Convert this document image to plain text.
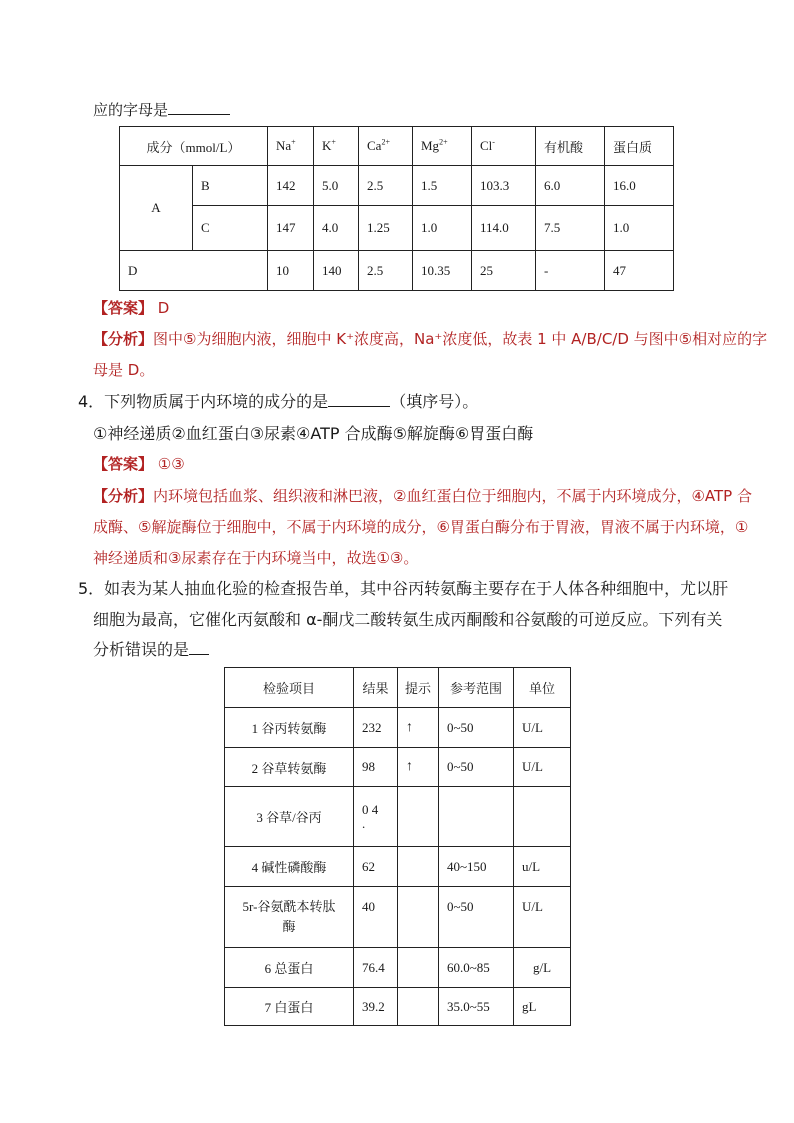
应的字母是
成分（mmol/L）		Na+	K+	$Ca^{2+}$	$Mg^{2+}$	Cl-	有机酸	蛋白质
A	B	142	5.0	2.5	1.5	103.3	6.0	16.0
	C	147	4.0	1.25	1.0	114.0	7.5	1.0
D		10	140	2.5	10.35	25	-	47
【答案】 D
【分析】图中⑤为细胞内液，细胞中 K⁺浓度高，Na⁺浓度低，故表 1 中 A/B/C/D 与图中⑤相对应的字
母是 D。
4．下列物质属于内环境的成分的是	（填序号）。
①神经递质②血红蛋白③尿素④ATP 合成酶⑤解旋酶⑥胃蛋白酶
【答案】 ①③
【分析】内环境包括血浆、组织液和淋巴液，②血红蛋白位于细胞内，不属于内环境成分，④ATP 合
成酶、⑤解旋酶位于细胞中，不属于内环境的成分，⑥胃蛋白酶分布于胃液，胃液不属于内环境，①
神经递质和③尿素存在于内环境当中，故选①③。
5．如表为某人抽血化验的检查报告单，其中谷丙转氨酶主要存在于人体各种细胞中，尤以肝
细胞为最高，它催化丙氨酸和 α-酮戊二酸转氨生成丙酮酸和谷氨酸的可逆反应。下列有关
分析错误的是
检验项目	结果	提示	参考范围	单位
1 谷丙转氨酶	232	↑	0~50	U/L
2 谷草转氨酶	98	↑	0~50	U/L
3 谷草/谷丙	0 4
.			
4 碱性磷酸酶	62		40~150	u/L
5r-谷氨酰本转肽
酶	40		0~50	U/L
6 总蛋白	76.4		60.0~85	g/L
7 白蛋白	39.2		35.0~55	gL
